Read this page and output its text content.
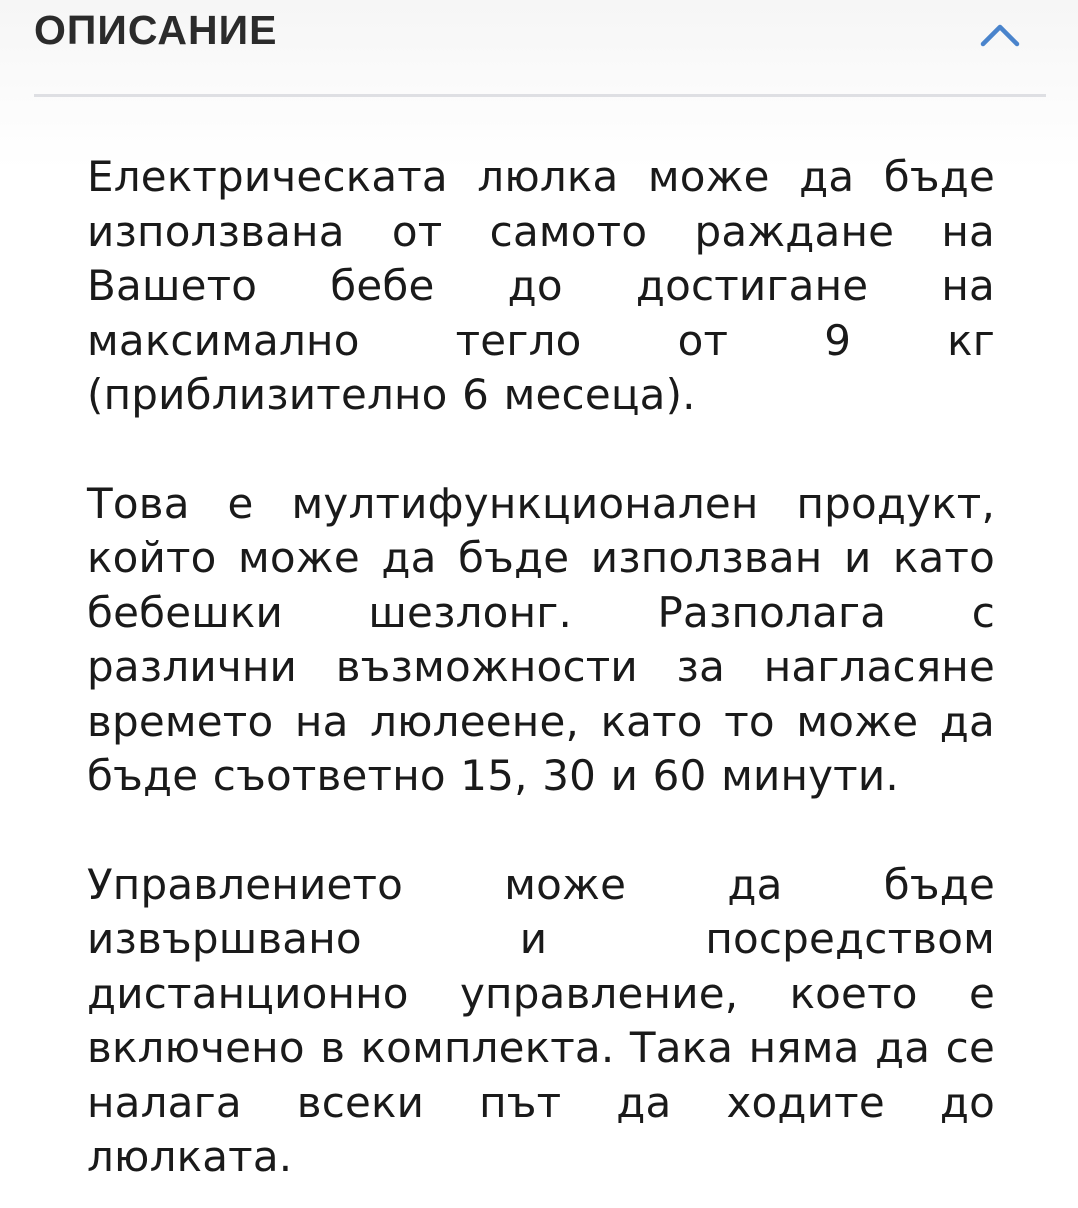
ОПИСАНИЕ

Електрическата люлка може да бъде използвана от самото раждане на Вашето бебе до достигане на максимално тегло от 9 кг (приблизително 6 месеца).

Това е мултифункционален продукт, който може да бъде използван и като бебешки шезлонг. Разполага с различни възможности за нагласяне времето на люлеене, като то може да бъде съответно 15, 30 и 60 минути.

Управлението може да бъде извършвано и посредством дистанционно управление, което е включено в комплекта. Така няма да се налага всеки път да ходите до люлката.
